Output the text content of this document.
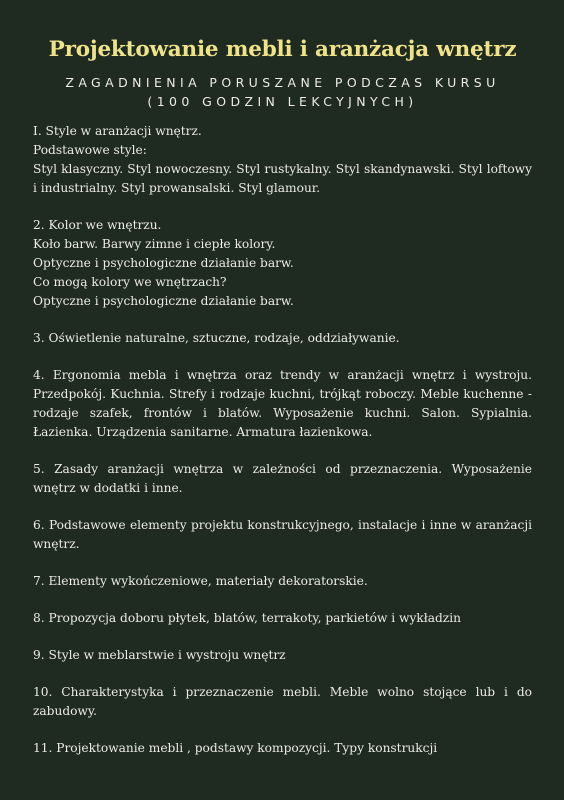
Projektowanie mebli i aranżacja wnętrz
ZAGADNIENIA PORUSZANE PODCZAS KURSU
(100 GODZIN LEKCYJNYCH)
I. Style w aranżacji wnętrz.
Podstawowe style:
Styl klasyczny. Styl nowoczesny. Styl rustykalny. Styl skandynawski. Styl loftowy i industrialny. Styl prowansalski. Styl glamour.
2. Kolor we wnętrzu.
Koło barw. Barwy zimne i ciepłe kolory.
Optyczne i psychologiczne działanie barw.
Co mogą kolory we wnętrzach?
Optyczne i psychologiczne działanie barw.
3. Oświetlenie naturalne, sztuczne, rodzaje, oddziaływanie.
4. Ergonomia mebla i wnętrza oraz trendy w aranżacji wnętrz i wystroju. Przedpokój. Kuchnia. Strefy i rodzaje kuchni, trójkąt roboczy. Meble kuchenne - rodzaje szafek, frontów i blatów. Wyposażenie kuchni. Salon. Sypialnia. Łazienka. Urządzenia sanitarne. Armatura łazienkowa.
5. Zasady aranżacji wnętrza w zależności od przeznaczenia. Wyposażenie wnętrz w dodatki i inne.
6. Podstawowe elementy projektu konstrukcyjnego, instalacje i inne w aranżacji wnętrz.
7. Elementy wykończeniowe, materiały dekoratorskie.
8. Propozycja doboru płytek, blatów, terrakoty, parkietów i wykładzin
9. Style w meblarstwie i wystroju wnętrz
10. Charakterystyka i przeznaczenie mebli. Meble wolno stojące lub i do zabudowy.
11. Projektowanie mebli , podstawy kompozycji. Typy konstrukcji
